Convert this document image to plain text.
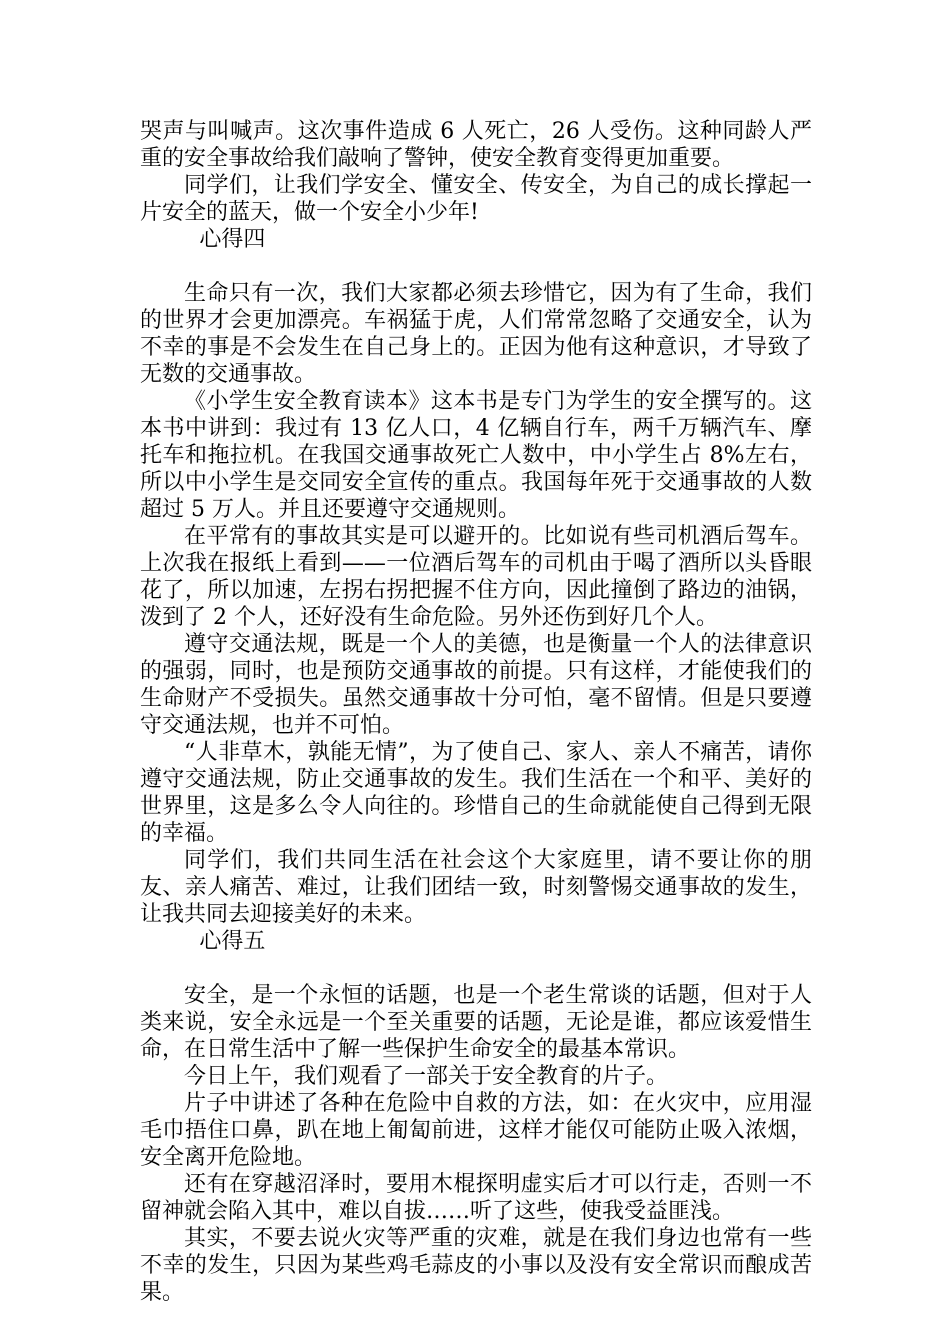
哭声与叫喊声。这次事件造成 6 人死亡，26 人受伤。这种同龄人严重的安全事故给我们敲响了警钟，使安全教育变得更加重要。

同学们，让我们学安全、懂安全、传安全，为自己的成长撑起一片安全的蓝天，做一个安全小少年!

心得四

生命只有一次，我们大家都必须去珍惜它，因为有了生命，我们的世界才会更加漂亮。车祸猛于虎，人们常常忽略了交通安全，认为不幸的事是不会发生在自己身上的。正因为他有这种意识，才导致了无数的交通事故。

《小学生安全教育读本》这本书是专门为学生的安全撰写的。这本书中讲到：我过有 13 亿人口，4 亿辆自行车，两千万辆汽车、摩托车和拖拉机。在我国交通事故死亡人数中，中小学生占 8%左右，所以中小学生是交同安全宣传的重点。我国每年死于交通事故的人数超过 5 万人。并且还要遵守交通规则。

在平常有的事故其实是可以避开的。比如说有些司机酒后驾车。上次我在报纸上看到——一位酒后驾车的司机由于喝了酒所以头昏眼花了，所以加速，左拐右拐把握不住方向，因此撞倒了路边的油锅，泼到了 2 个人，还好没有生命危险。另外还伤到好几个人。

遵守交通法规，既是一个人的美德，也是衡量一个人的法律意识的强弱，同时，也是预防交通事故的前提。只有这样，才能使我们的生命财产不受损失。虽然交通事故十分可怕，毫不留情。但是只要遵守交通法规，也并不可怕。

“人非草木，孰能无情”，为了使自己、家人、亲人不痛苦，请你遵守交通法规，防止交通事故的发生。我们生活在一个和平、美好的世界里，这是多么令人向往的。珍惜自己的生命就能使自己得到无限的幸福。

同学们，我们共同生活在社会这个大家庭里，请不要让你的朋友、亲人痛苦、难过，让我们团结一致，时刻警惕交通事故的发生，让我共同去迎接美好的未来。

心得五

安全，是一个永恒的话题，也是一个老生常谈的话题，但对于人类来说，安全永远是一个至关重要的话题，无论是谁，都应该爱惜生命，在日常生活中了解一些保护生命安全的最基本常识。

今日上午，我们观看了一部关于安全教育的片子。

片子中讲述了各种在危险中自救的方法，如：在火灾中，应用湿毛巾捂住口鼻，趴在地上匍匐前进，这样才能仅可能防止吸入浓烟，安全离开危险地。

还有在穿越沼泽时，要用木棍探明虚实后才可以行走，否则一不留神就会陷入其中，难以自拔……听了这些，使我受益匪浅。

其实，不要去说火灾等严重的灾难，就是在我们身边也常有一些不幸的发生，只因为某些鸡毛蒜皮的小事以及没有安全常识而酿成苦果。
